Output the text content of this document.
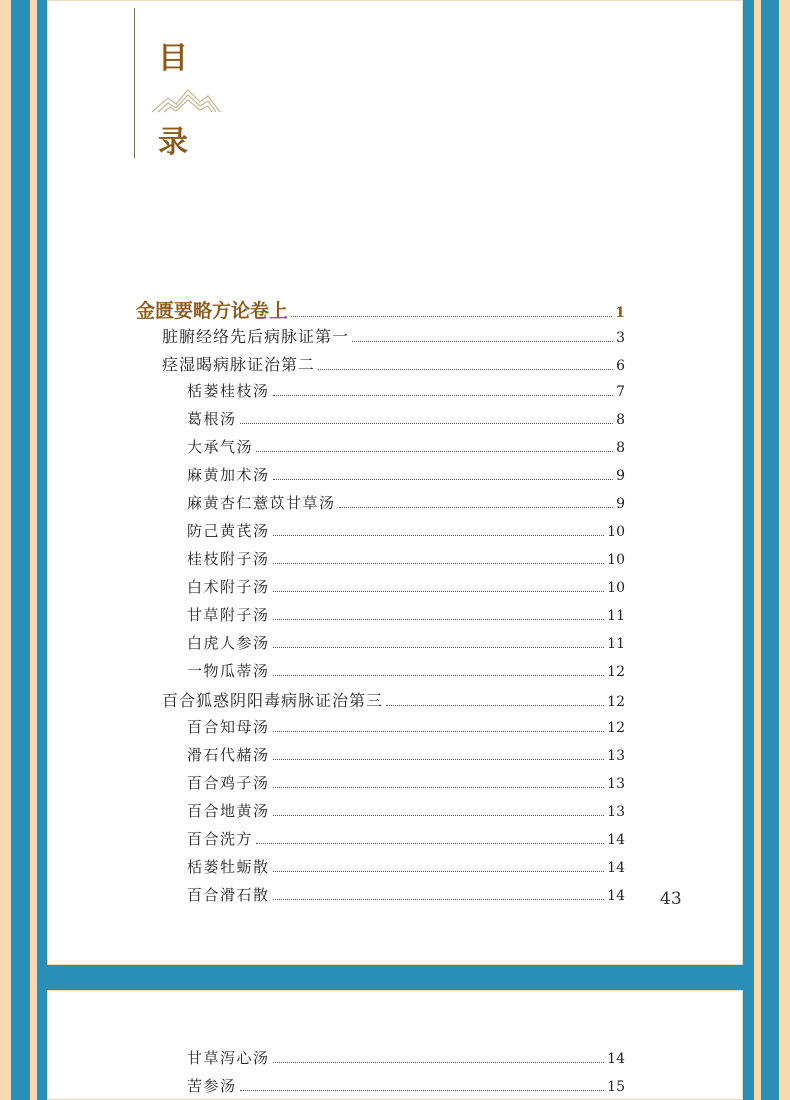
目
录
金匮要略方论卷上	1
脏腑经络先后病脉证第一	3
痉湿暍病脉证治第二	6
栝蒌桂枝汤	7
葛根汤	8
大承气汤	8
麻黄加术汤	9
麻黄杏仁薏苡甘草汤	9
防己黄芪汤	10
桂枝附子汤	10
白术附子汤	10
甘草附子汤	11
白虎人参汤	11
一物瓜蒂汤	12
百合狐惑阴阳毒病脉证治第三	12
百合知母汤	12
滑石代赭汤	13
百合鸡子汤	13
百合地黄汤	13
百合洗方	14
栝蒌牡蛎散	14
百合滑石散	14
甘草泻心汤	14
苦参汤	15
43
